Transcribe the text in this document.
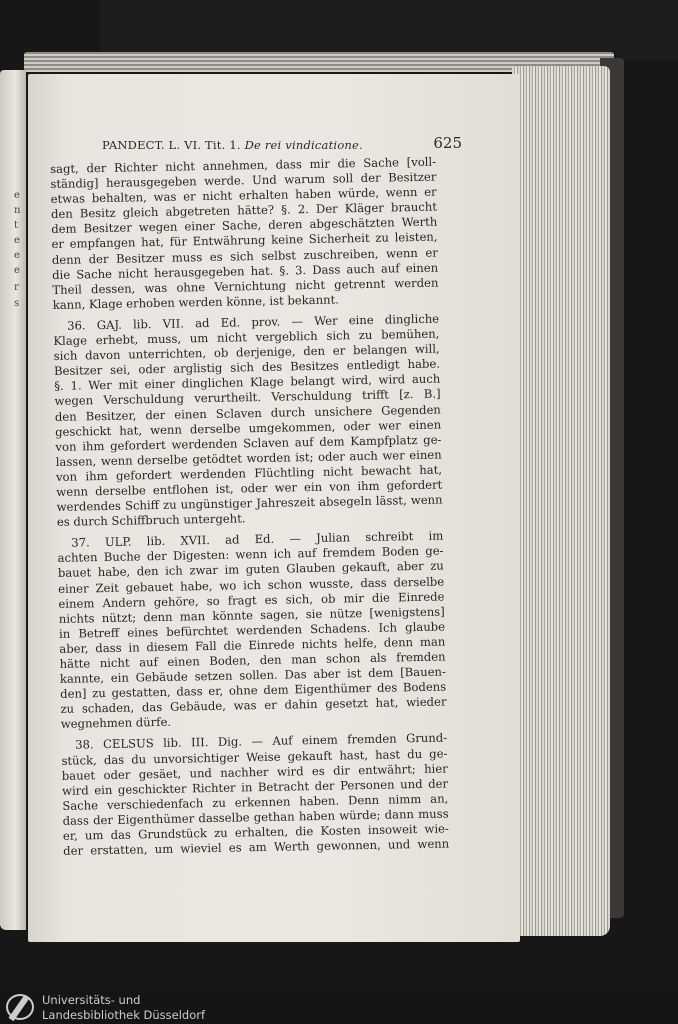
e
n
t
e
e
e
r
s
PANDECT. L. VI. Tit. 1. De rei vindicatione.	625

sagt, der Richter nicht annehmen, dass mir die Sache [voll-
ständig] herausgegeben werde. Und warum soll der Besitzer
etwas behalten, was er nicht erhalten haben würde, wenn er
den Besitz gleich abgetreten hätte? §. 2. Der Kläger braucht
dem Besitzer wegen einer Sache, deren abgeschätzten Werth
er empfangen hat, für Entwährung keine Sicherheit zu leisten,
denn der Besitzer muss es sich selbst zuschreiben, wenn er
die Sache nicht herausgegeben hat. §. 3. Dass auch auf einen
Theil dessen, was ohne Vernichtung nicht getrennt werden
kann, Klage erhoben werden könne, ist bekannt.

36. GAJ. lib. VII. ad Ed. prov. — Wer eine dingliche
Klage erhebt, muss, um nicht vergeblich sich zu bemühen,
sich davon unterrichten, ob derjenige, den er belangen will,
Besitzer sei, oder arglistig sich des Besitzes entledigt habe.
§. 1. Wer mit einer dinglichen Klage belangt wird, wird auch
wegen Verschuldung verurtheilt. Verschuldung trifft [z. B.]
den Besitzer, der einen Sclaven durch unsichere Gegenden
geschickt hat, wenn derselbe umgekommen, oder wer einen
von ihm gefordert werdenden Sclaven auf dem Kampfplatz ge-
lassen, wenn derselbe getödtet worden ist; oder auch wer einen
von ihm gefordert werdenden Flüchtling nicht bewacht hat,
wenn derselbe entflohen ist, oder wer ein von ihm gefordert
werdendes Schiff zu ungünstiger Jahreszeit absegeln lässt, wenn
es durch Schiffbruch untergeht.

37. ULP. lib. XVII. ad Ed. — Julian schreibt im
achten Buche der Digesten: wenn ich auf fremdem Boden ge-
bauet habe, den ich zwar im guten Glauben gekauft, aber zu
einer Zeit gebauet habe, wo ich schon wusste, dass derselbe
einem Andern gehöre, so fragt es sich, ob mir die Einrede
nichts nützt; denn man könnte sagen, sie nütze [wenigstens]
in Betreff eines befürchtet werdenden Schadens. Ich glaube
aber, dass in diesem Fall die Einrede nichts helfe, denn man
hätte nicht auf einen Boden, den man schon als fremden
kannte, ein Gebäude setzen sollen. Das aber ist dem [Bauen-
den] zu gestatten, dass er, ohne dem Eigenthümer des Bodens
zu schaden, das Gebäude, was er dahin gesetzt hat, wieder
wegnehmen dürfe.

38. CELSUS lib. III. Dig. — Auf einem fremden Grund-
stück, das du unvorsichtiger Weise gekauft hast, hast du ge-
bauet oder gesäet, und nachher wird es dir entwährt; hier
wird ein geschickter Richter in Betracht der Personen und der
Sache verschiedenfach zu erkennen haben. Denn nimm an,
dass der Eigenthümer dasselbe gethan haben würde; dann muss
er, um das Grundstück zu erhalten, die Kosten insoweit wie-
der erstatten, um wieviel es am Werth gewonnen, und wenn

Universitäts- und
Landesbibliothek Düsseldorf
